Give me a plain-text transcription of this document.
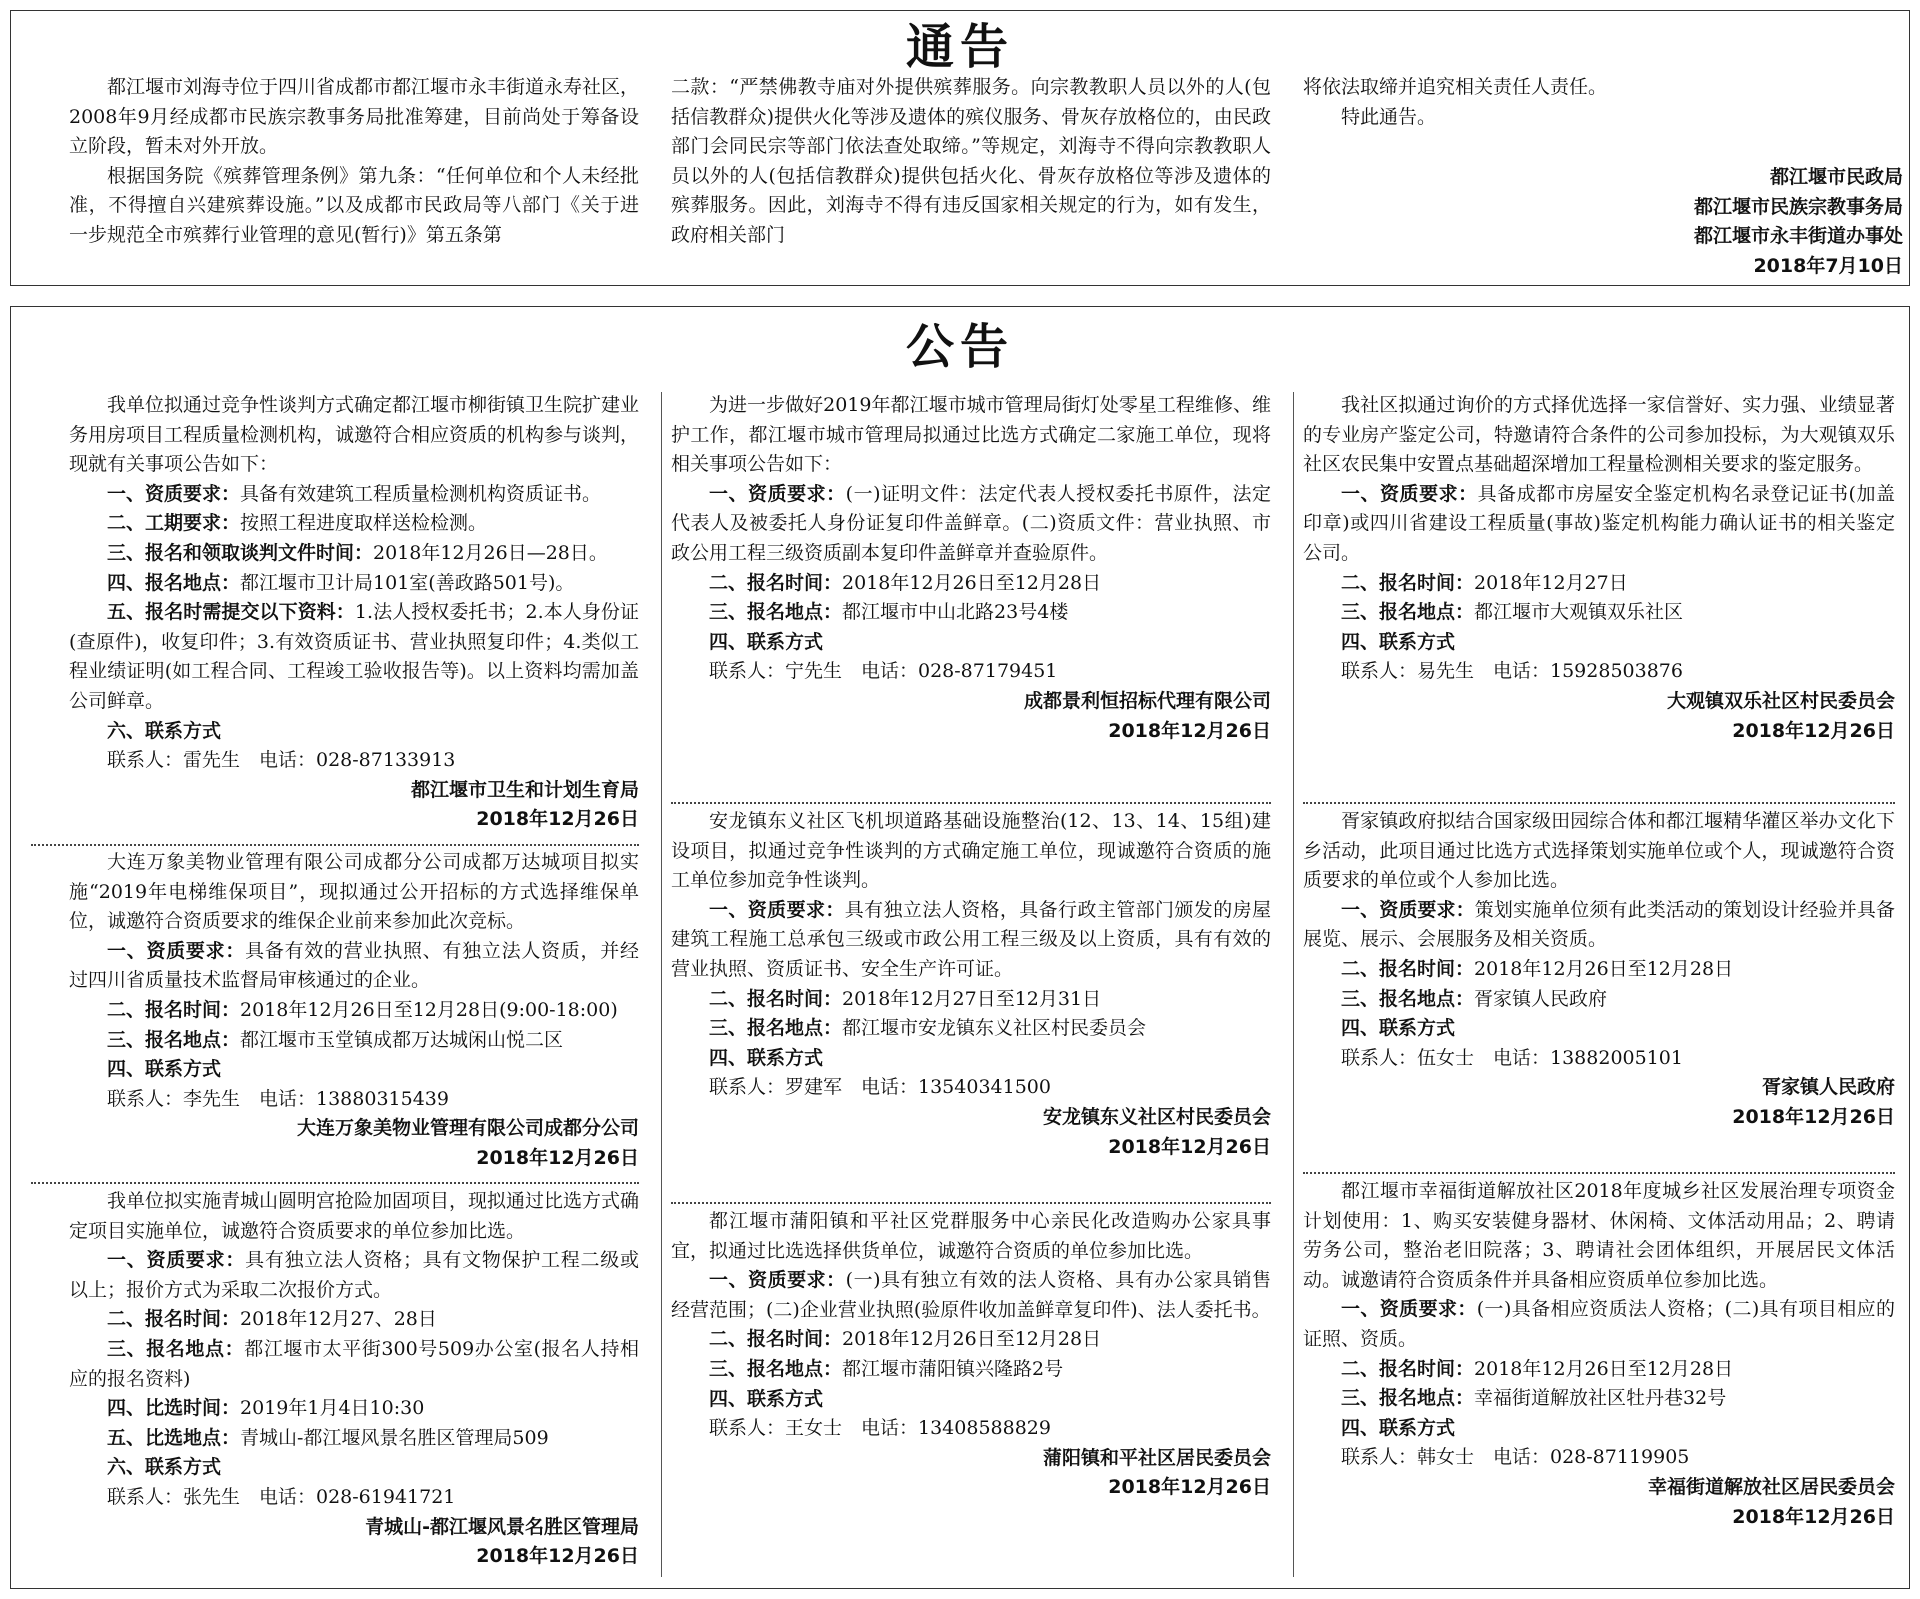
通告

都江堰市刘海寺位于四川省成都市都江堰市永丰街道永寿社区，2008年9月经成都市民族宗教事务局批准筹建，目前尚处于筹备设立阶段，暂未对外开放。

根据国务院《殡葬管理条例》第九条：“任何单位和个人未经批准，不得擅自兴建殡葬设施。”以及成都市民政局等八部门《关于进一步规范全市殡葬行业管理的意见(暂行)》第五条第

二款：“严禁佛教寺庙对外提供殡葬服务。向宗教教职人员以外的人(包括信教群众)提供火化等涉及遗体的殡仪服务、骨灰存放格位的，由民政部门会同民宗等部门依法查处取缔。”等规定，刘海寺不得向宗教教职人员以外的人(包括信教群众)提供包括火化、骨灰存放格位等涉及遗体的殡葬服务。因此，刘海寺不得有违反国家相关规定的行为，如有发生，政府相关部门

将依法取缔并追究相关责任人责任。

特此通告。

都江堰市民政局

都江堰市民族宗教事务局

都江堰市永丰街道办事处

2018年7月10日

公告

我单位拟通过竞争性谈判方式确定都江堰市柳街镇卫生院扩建业务用房项目工程质量检测机构，诚邀符合相应资质的机构参与谈判，现就有关事项公告如下：

一、资质要求：具备有效建筑工程质量检测机构资质证书。

二、工期要求：按照工程进度取样送检检测。

三、报名和领取谈判文件时间：2018年12月26日—28日。

四、报名地点：都江堰市卫计局101室(善政路501号)。

五、报名时需提交以下资料：1.法人授权委托书；2.本人身份证(查原件)，收复印件；3.有效资质证书、营业执照复印件；4.类似工程业绩证明(如工程合同、工程竣工验收报告等)。以上资料均需加盖公司鲜章。

六、联系方式

联系人：雷先生　电话：028-87133913

都江堰市卫生和计划生育局

2018年12月26日

大连万象美物业管理有限公司成都分公司成都万达城项目拟实施“2019年电梯维保项目”，现拟通过公开招标的方式选择维保单位，诚邀符合资质要求的维保企业前来参加此次竞标。

一、资质要求：具备有效的营业执照、有独立法人资质，并经过四川省质量技术监督局审核通过的企业。

二、报名时间：2018年12月26日至12月28日(9:00-18:00)

三、报名地点：都江堰市玉堂镇成都万达城闲山悦二区

四、联系方式

联系人：李先生　电话：13880315439

大连万象美物业管理有限公司成都分公司

2018年12月26日

我单位拟实施青城山圆明宫抢险加固项目，现拟通过比选方式确定项目实施单位，诚邀符合资质要求的单位参加比选。

一、资质要求：具有独立法人资格；具有文物保护工程二级或以上；报价方式为采取二次报价方式。

二、报名时间：2018年12月27、28日

三、报名地点：都江堰市太平街300号509办公室(报名人持相应的报名资料)

四、比选时间：2019年1月4日10:30

五、比选地点：青城山-都江堰风景名胜区管理局509

六、联系方式

联系人：张先生　电话：028-61941721

青城山-都江堰风景名胜区管理局

2018年12月26日

为进一步做好2019年都江堰市城市管理局街灯处零星工程维修、维护工作，都江堰市城市管理局拟通过比选方式确定二家施工单位，现将相关事项公告如下：

一、资质要求：(一)证明文件：法定代表人授权委托书原件，法定代表人及被委托人身份证复印件盖鲜章。(二)资质文件：营业执照、市政公用工程三级资质副本复印件盖鲜章并查验原件。

二、报名时间：2018年12月26日至12月28日

三、报名地点：都江堰市中山北路23号4楼

四、联系方式

联系人：宁先生　电话：028-87179451

成都景利恒招标代理有限公司

2018年12月26日

安龙镇东义社区飞机坝道路基础设施整治(12、13、14、15组)建设项目，拟通过竞争性谈判的方式确定施工单位，现诚邀符合资质的施工单位参加竞争性谈判。

一、资质要求：具有独立法人资格，具备行政主管部门颁发的房屋建筑工程施工总承包三级或市政公用工程三级及以上资质，具有有效的营业执照、资质证书、安全生产许可证。

二、报名时间：2018年12月27日至12月31日

三、报名地点：都江堰市安龙镇东义社区村民委员会

四、联系方式

联系人：罗建军　电话：13540341500

安龙镇东义社区村民委员会

2018年12月26日

都江堰市蒲阳镇和平社区党群服务中心亲民化改造购办公家具事宜，拟通过比选选择供货单位，诚邀符合资质的单位参加比选。

一、资质要求：(一)具有独立有效的法人资格、具有办公家具销售经营范围；(二)企业营业执照(验原件收加盖鲜章复印件)、法人委托书。

二、报名时间：2018年12月26日至12月28日

三、报名地点：都江堰市蒲阳镇兴隆路2号

四、联系方式

联系人：王女士　电话：13408588829

蒲阳镇和平社区居民委员会

2018年12月26日

我社区拟通过询价的方式择优选择一家信誉好、实力强、业绩显著的专业房产鉴定公司，特邀请符合条件的公司参加投标，为大观镇双乐社区农民集中安置点基础超深增加工程量检测相关要求的鉴定服务。

一、资质要求：具备成都市房屋安全鉴定机构名录登记证书(加盖印章)或四川省建设工程质量(事故)鉴定机构能力确认证书的相关鉴定公司。

二、报名时间：2018年12月27日

三、报名地点：都江堰市大观镇双乐社区

四、联系方式

联系人：易先生　电话：15928503876

大观镇双乐社区村民委员会

2018年12月26日

胥家镇政府拟结合国家级田园综合体和都江堰精华灌区举办文化下乡活动，此项目通过比选方式选择策划实施单位或个人，现诚邀符合资质要求的单位或个人参加比选。

一、资质要求：策划实施单位须有此类活动的策划设计经验并具备展览、展示、会展服务及相关资质。

二、报名时间：2018年12月26日至12月28日

三、报名地点：胥家镇人民政府

四、联系方式

联系人：伍女士　电话：13882005101

胥家镇人民政府

2018年12月26日

都江堰市幸福街道解放社区2018年度城乡社区发展治理专项资金计划使用：1、购买安装健身器材、休闲椅、文体活动用品；2、聘请劳务公司，整治老旧院落；3、聘请社会团体组织，开展居民文体活动。诚邀请符合资质条件并具备相应资质单位参加比选。

一、资质要求：(一)具备相应资质法人资格；(二)具有项目相应的证照、资质。

二、报名时间：2018年12月26日至12月28日

三、报名地点：幸福街道解放社区牡丹巷32号

四、联系方式

联系人：韩女士　电话：028-87119905

幸福街道解放社区居民委员会

2018年12月26日
